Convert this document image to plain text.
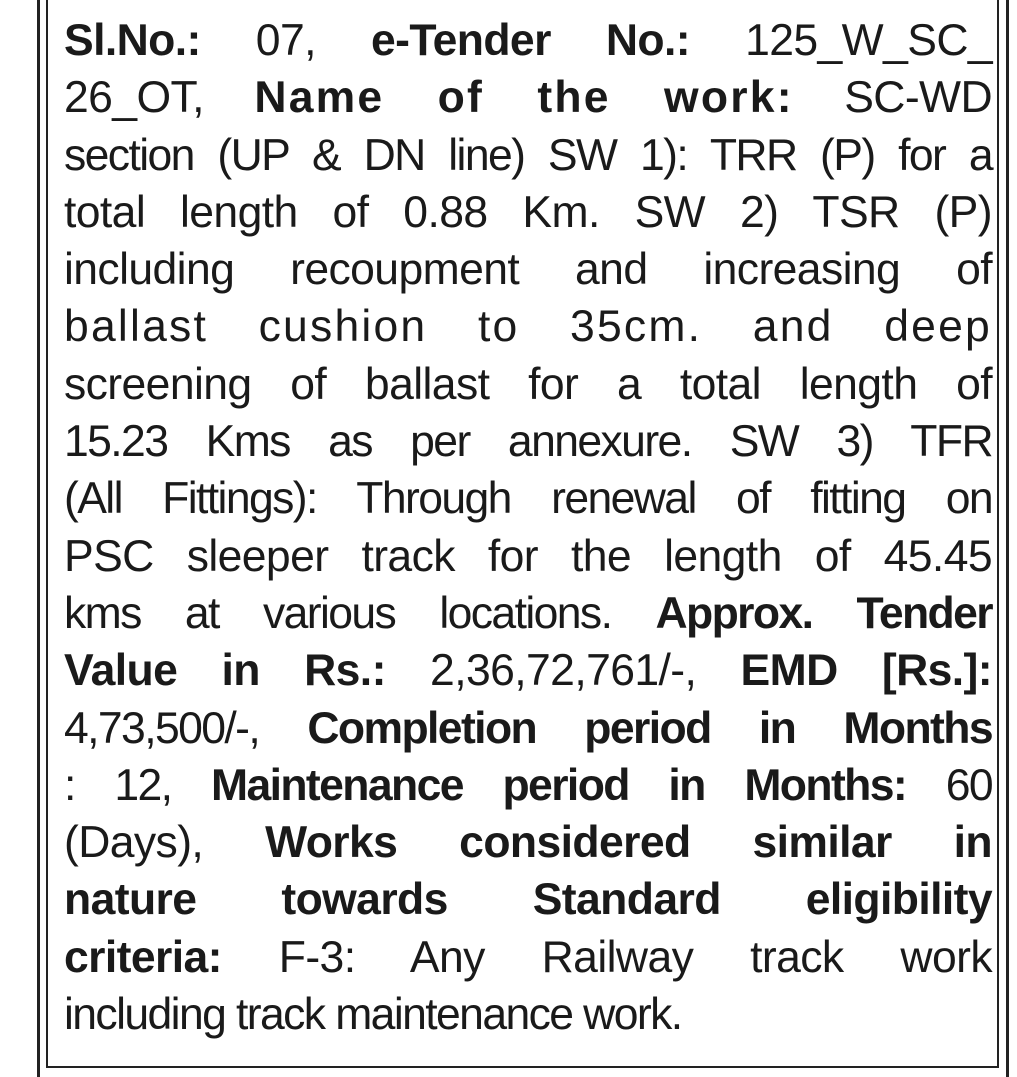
Sl.No.: 07, e-Tender No.: 125_W_SC_
26_OT, Name of the work: SC-WD
section (UP & DN line) SW 1): TRR (P) for a
total length of 0.88 Km. SW 2) TSR (P)
including recoupment and increasing of
ballast cushion to 35cm. and deep
screening of ballast for a total length of
15.23 Kms as per annexure. SW 3) TFR
(All Fittings): Through renewal of fitting on
PSC sleeper track for the length of 45.45
kms at various locations. Approx. Tender
Value in Rs.: 2,36,72,761/-, EMD [Rs.]:
4,73,500/-, Completion period in Months
: 12, Maintenance period in Months: 60
(Days), Works considered similar in
nature towards Standard eligibility
criteria: F-3: Any Railway track work
including track maintenance work.
